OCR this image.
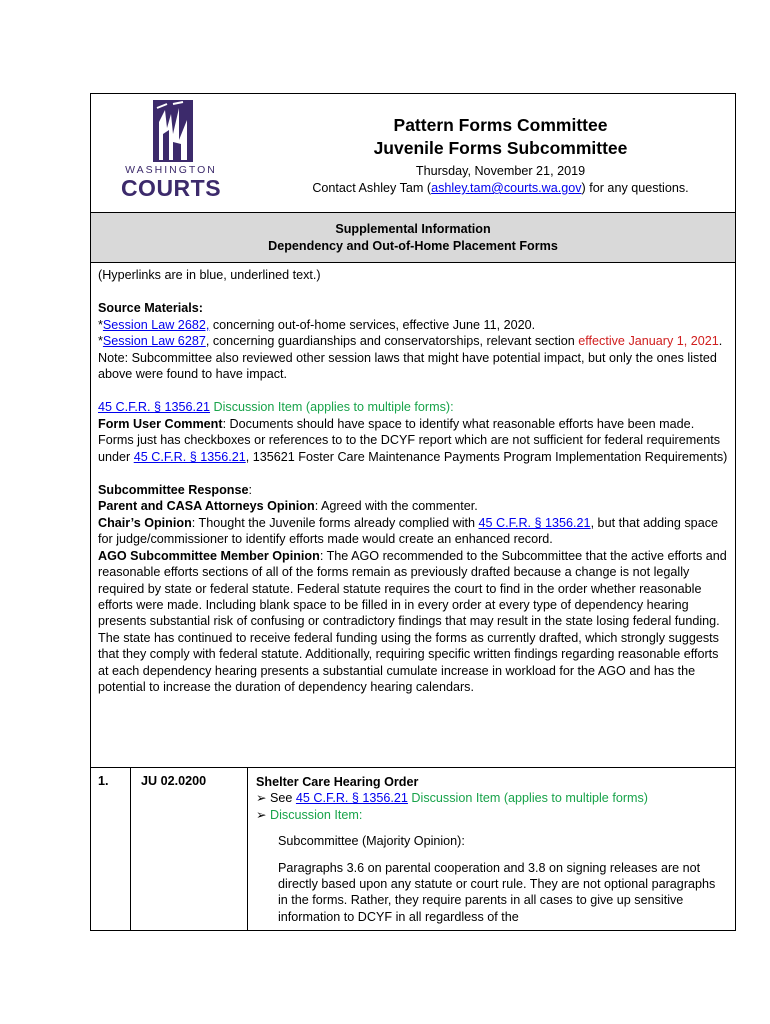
WASHINGTON
COURTS
Pattern Forms Committee
Juvenile Forms Subcommittee
Thursday, November 21, 2019
Contact Ashley Tam (ashley.tam@courts.wa.gov) for any questions.
Supplemental Information
Dependency and Out-of-Home Placement Forms

(Hyperlinks are in blue, underlined text.)

Source Materials:
*Session Law 2682, concerning out-of-home services, effective June 11, 2020.
*Session Law 6287, concerning guardianships and conservatorships, relevant section effective January 1, 2021.
Note: Subcommittee also reviewed other session laws that might have potential impact, but only the ones listed above were found to have impact.

45 C.F.R. § 1356.21 Discussion Item (applies to multiple forms):
Form User Comment: Documents should have space to identify what reasonable efforts have been made. Forms just has checkboxes or references to to the DCYF report which are not sufficient for federal requirements under 45 C.F.R. § 1356.21, 135621 Foster Care Maintenance Payments Program Implementation Requirements)

Subcommittee Response:
Parent and CASA Attorneys Opinion: Agreed with the commenter.
Chair’s Opinion: Thought the Juvenile forms already complied with 45 C.F.R. § 1356.21, but that adding space for judge/commissioner to identify efforts made would create an enhanced record.
AGO Subcommittee Member Opinion: The AGO recommended to the Subcommittee that the active efforts and reasonable efforts sections of all of the forms remain as previously drafted because a change is not legally required by state or federal statute. Federal statute requires the court to find in the order whether reasonable efforts were made. Including blank space to be filled in in every order at every type of dependency hearing presents substantial risk of confusing or contradictory findings that may result in the state losing federal funding. The state has continued to receive federal funding using the forms as currently drafted, which strongly suggests that they comply with federal statute. Additionally, requiring specific written findings regarding reasonable efforts at each dependency hearing presents a substantial cumulate increase in workload for the AGO and has the potential to increase the duration of dependency hearing calendars.

1.	JU 02.0200	Shelter Care Hearing Order
➢ See 45 C.F.R. § 1356.21 Discussion Item (applies to multiple forms)
➢ Discussion Item:

Subcommittee (Majority Opinion):

Paragraphs 3.6 on parental cooperation and 3.8 on signing releases are not directly based upon any statute or court rule. They are not optional paragraphs in the forms. Rather, they require parents in all cases to give up sensitive information to DCYF in all regardless of the
